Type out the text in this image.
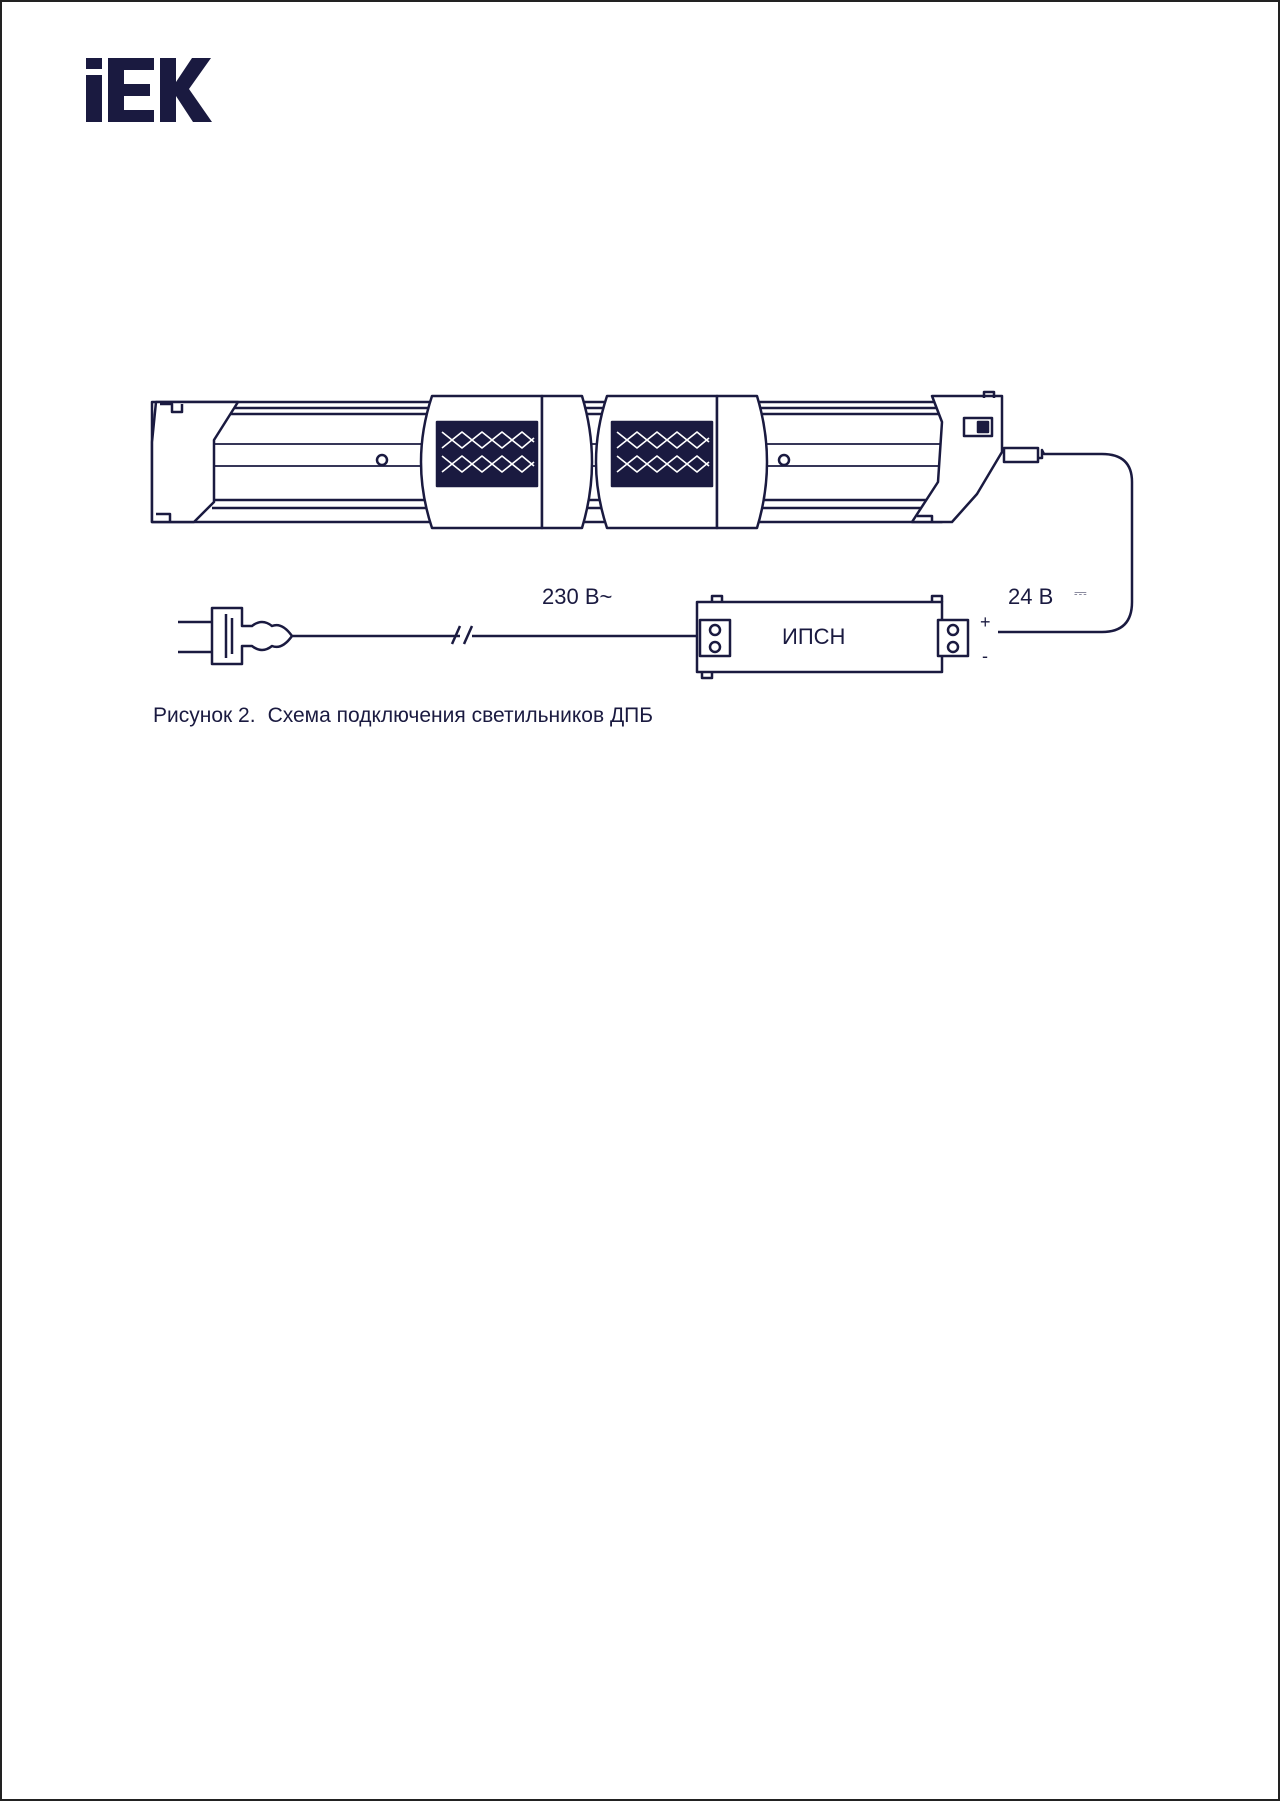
230 В~	24 В ⎓
ИПСН
+
-
Рисунок 2. Схема подключения светильников ДПБ
